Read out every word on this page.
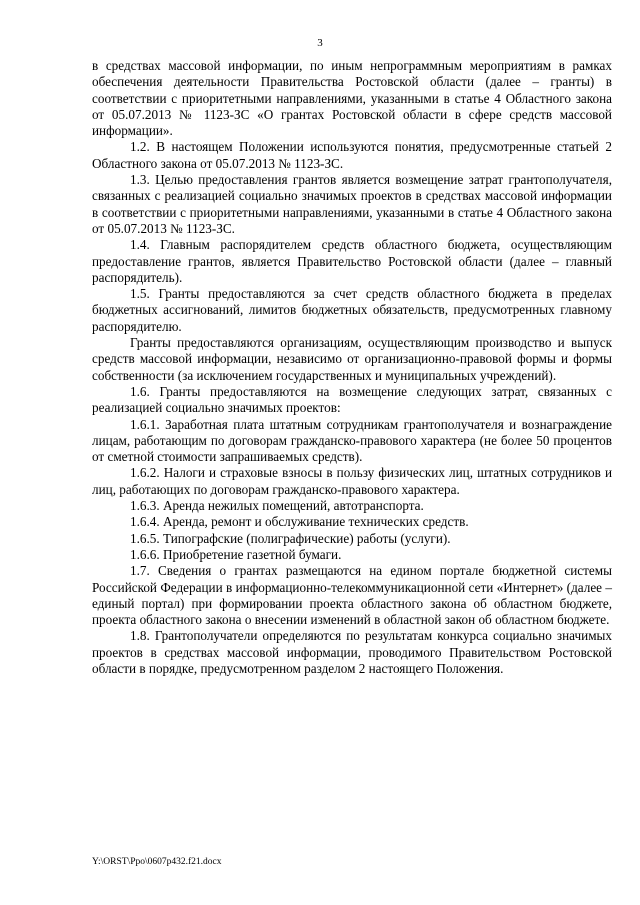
3

в средствах массовой информации, по иным непрограммным мероприятиям в рамках обеспечения деятельности Правительства Ростовской области (далее – гранты) в соответствии с приоритетными направлениями, указанными в статье 4 Областного закона от 05.07.2013 № 1123-ЗС «О грантах Ростовской области в сфере средств массовой информации».

1.2. В настоящем Положении используются понятия, предусмотренные статьей 2 Областного закона от 05.07.2013 № 1123-ЗС.

1.3. Целью предоставления грантов является возмещение затрат грантополучателя, связанных с реализацией социально значимых проектов в средствах массовой информации в соответствии с приоритетными направлениями, указанными в статье 4 Областного закона от 05.07.2013 № 1123-ЗС.

1.4. Главным распорядителем средств областного бюджета, осуществляющим предоставление грантов, является Правительство Ростовской области (далее – главный распорядитель).

1.5. Гранты предоставляются за счет средств областного бюджета в пределах бюджетных ассигнований, лимитов бюджетных обязательств, предусмотренных главному распорядителю.

Гранты предоставляются организациям, осуществляющим производство и выпуск средств массовой информации, независимо от организационно-правовой формы и формы собственности (за исключением государственных и муниципальных учреждений).

1.6. Гранты предоставляются на возмещение следующих затрат, связанных с реализацией социально значимых проектов:

1.6.1. Заработная плата штатным сотрудникам грантополучателя и вознаграждение лицам, работающим по договорам гражданско-правового характера (не более 50 процентов от сметной стоимости запрашиваемых средств).

1.6.2. Налоги и страховые взносы в пользу физических лиц, штатных сотрудников и лиц, работающих по договорам гражданско-правового характера.

1.6.3. Аренда нежилых помещений, автотранспорта.

1.6.4. Аренда, ремонт и обслуживание технических средств.

1.6.5. Типографские (полиграфические) работы (услуги).

1.6.6. Приобретение газетной бумаги.

1.7. Сведения о грантах размещаются на едином портале бюджетной системы Российской Федерации в информационно-телекоммуникационной сети «Интернет» (далее – единый портал) при формировании проекта областного закона об областном бюджете, проекта областного закона о внесении изменений в областной закон об областном бюджете.

1.8. Грантополучатели определяются по результатам конкурса социально значимых проектов в средствах массовой информации, проводимого Правительством Ростовской области в порядке, предусмотренном разделом 2 настоящего Положения.

Y:\ORST\Ppo\0607p432.f21.docx
